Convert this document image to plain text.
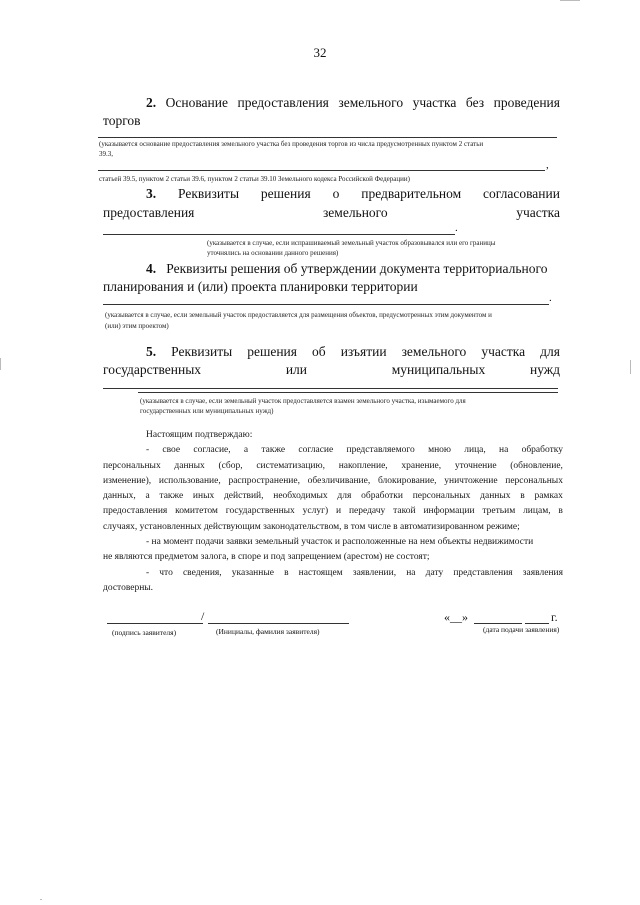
32
2. Основание предоставления земельного участка без проведения
торгов
(указывается основание предоставления земельного участка без проведения торгов из числа предусмотренных пунктом 2 статьи
39.3,
,
статьей 39.5, пунктом 2 статьи 39.6, пунктом 2 статьи 39.10 Земельного кодекса Российской Федерации)
3. Реквизиты решения о предварительном согласовании
предоставления	земельного	участка
.
(указывается в случае, если испрашиваемый земельный участок образовывался или его границы
уточнялись на основании данного решения)
4. Реквизиты решения об утверждении документа территориального
планирования и (или) проекта планировки территории
.
(указывается в случае, если земельный участок предоставляется для размещения объектов, предусмотренных этим документом и
(или) этим проектом)
5. Реквизиты решения об изъятии земельного участка для
государственных	или	муниципальных	нужд
(указывается в случае, если земельный участок предоставляется взамен земельного участка, изымаемого для
государственных или муниципальных нужд)

Настоящим подтверждаю:

- свое согласие, а также согласие представляемого мною лица, на обработку
персональных данных (сбор, систематизацию, накопление, хранение, уточнение (обновление,
изменение), использование, распространение, обезличивание, блокирование, уничтожение персональных
данных, а также иных действий, необходимых для обработки персональных данных в рамках
предоставления комитетом государственных услуг) и передачу такой информации третьим лицам, в

случаях, установленных действующим законодательством, в том числе в автоматизированном режиме;

- на момент подачи заявки земельный участок и расположенные на нем объекты недвижимости

не являются предметом залога, в споре и под запрещением (арестом) не состоят;

- что сведения, указанные в настоящем заявлении, на дату представления заявления

достоверны.

/
(подпись заявителя)	(Инициалы, фамилия заявителя)
«__»	г.
(дата подачи заявления)
